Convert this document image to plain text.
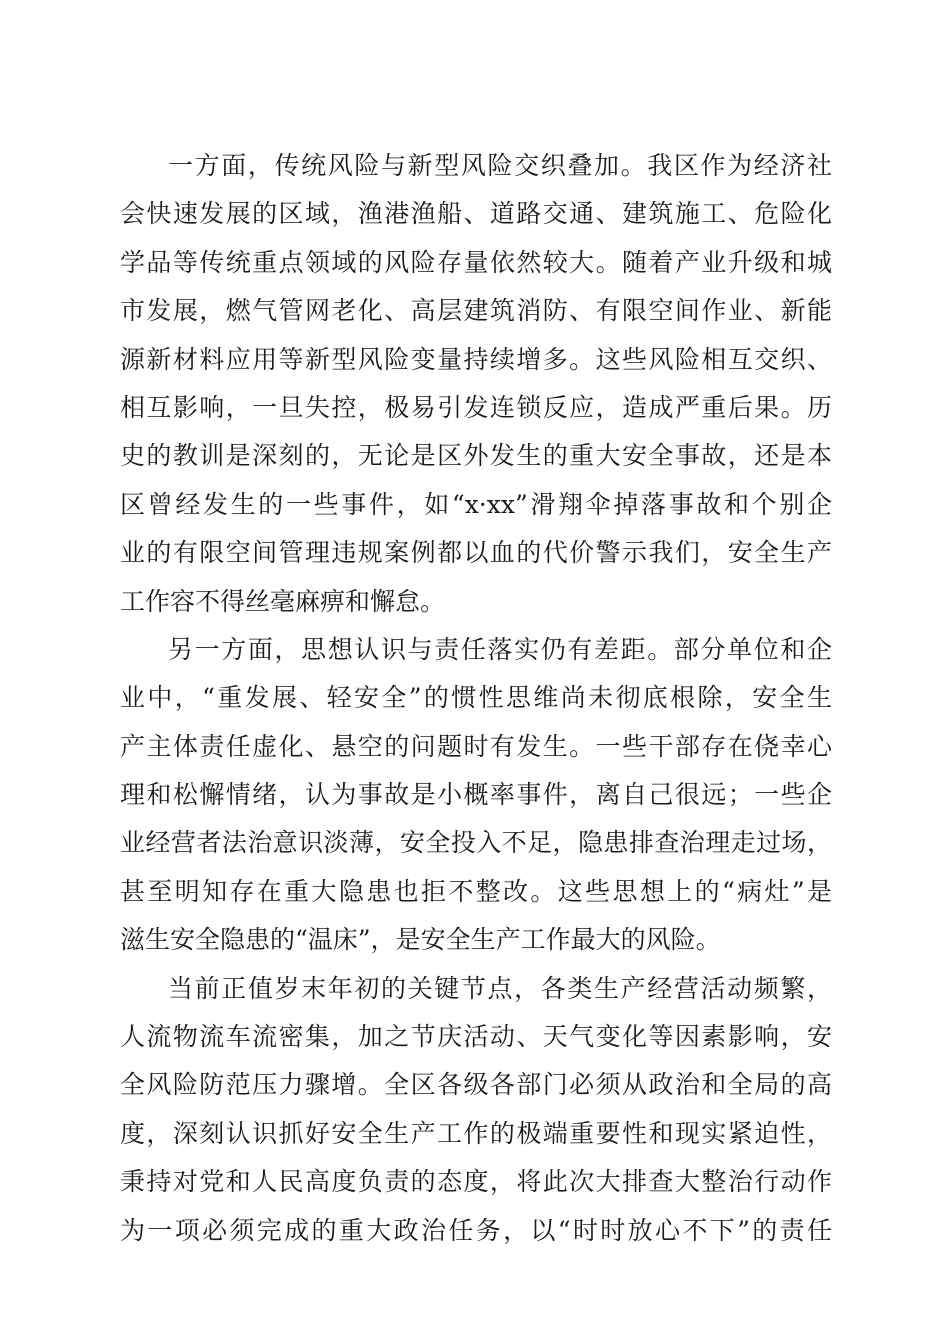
一方面，传统风险与新型风险交织叠加。我区作为经济社
会快速发展的区域，渔港渔船、道路交通、建筑施工、危险化
学品等传统重点领域的风险存量依然较大。随着产业升级和城
市发展，燃气管网老化、高层建筑消防、有限空间作业、新能
源新材料应用等新型风险变量持续增多。这些风险相互交织、
相互影响，一旦失控，极易引发连锁反应，造成严重后果。历
史的教训是深刻的，无论是区外发生的重大安全事故，还是本
区曾经发生的一些事件，如“x·xx”滑翔伞掉落事故和个别企
业的有限空间管理违规案例都以血的代价警示我们，安全生产
工作容不得丝毫麻痹和懈怠。
另一方面，思想认识与责任落实仍有差距。部分单位和企
业中，“重发展、轻安全”的惯性思维尚未彻底根除，安全生
产主体责任虚化、悬空的问题时有发生。一些干部存在侥幸心
理和松懈情绪，认为事故是小概率事件，离自己很远；一些企
业经营者法治意识淡薄，安全投入不足，隐患排查治理走过场，
甚至明知存在重大隐患也拒不整改。这些思想上的“病灶”是
滋生安全隐患的“温床”，是安全生产工作最大的风险。
当前正值岁末年初的关键节点，各类生产经营活动频繁，
人流物流车流密集，加之节庆活动、天气变化等因素影响，安
全风险防范压力骤增。全区各级各部门必须从政治和全局的高
度，深刻认识抓好安全生产工作的极端重要性和现实紧迫性，
秉持对党和人民高度负责的态度，将此次大排查大整治行动作
为一项必须完成的重大政治任务，以“时时放心不下”的责任
